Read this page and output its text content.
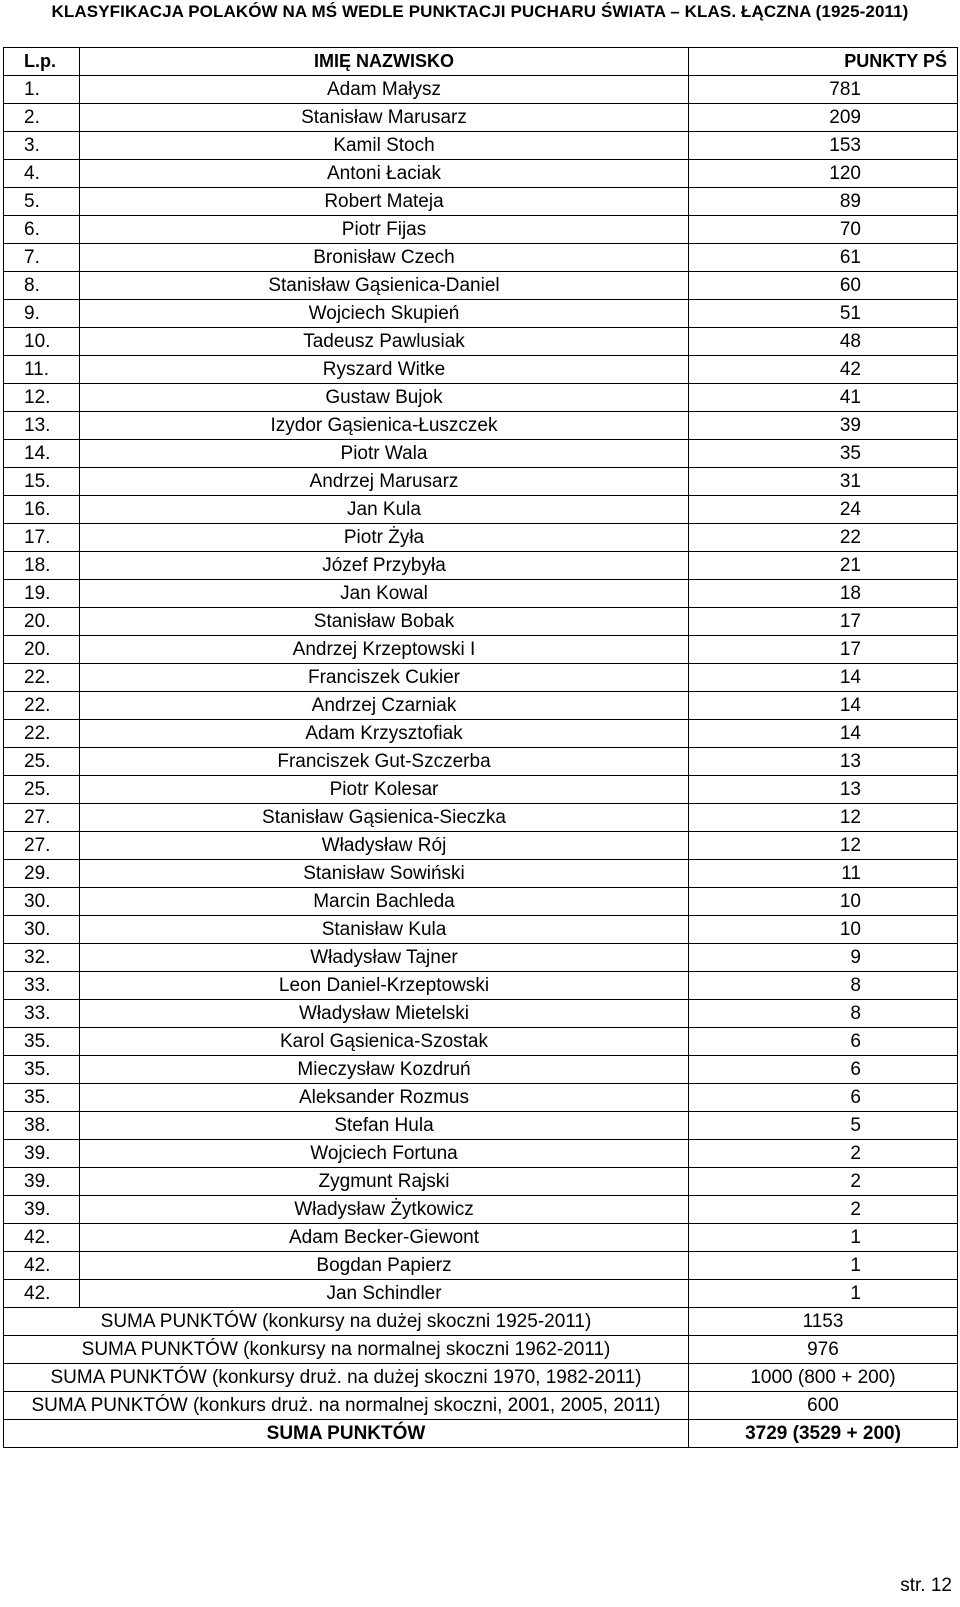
KLASYFIKACJA POLAKÓW NA MŚ WEDLE PUNKTACJI PUCHARU ŚWIATA – KLAS. ŁĄCZNA (1925-2011)
L.p.	IMIĘ NAZWISKO	PUNKTY PŚ
1.	Adam Małysz	781
2.	Stanisław Marusarz	209
3.	Kamil Stoch	153
4.	Antoni Łaciak	120
5.	Robert Mateja	89
6.	Piotr Fijas	70
7.	Bronisław Czech	61
8.	Stanisław Gąsienica-Daniel	60
9.	Wojciech Skupień	51
10.	Tadeusz Pawlusiak	48
11.	Ryszard Witke	42
12.	Gustaw Bujok	41
13.	Izydor Gąsienica-Łuszczek	39
14.	Piotr Wala	35
15.	Andrzej Marusarz	31
16.	Jan Kula	24
17.	Piotr Żyła	22
18.	Józef Przybyła	21
19.	Jan Kowal	18
20.	Stanisław Bobak	17
20.	Andrzej Krzeptowski I	17
22.	Franciszek Cukier	14
22.	Andrzej Czarniak	14
22.	Adam Krzysztofiak	14
25.	Franciszek Gut-Szczerba	13
25.	Piotr Kolesar	13
27.	Stanisław Gąsienica-Sieczka	12
27.	Władysław Rój	12
29.	Stanisław Sowiński	11
30.	Marcin Bachleda	10
30.	Stanisław Kula	10
32.	Władysław Tajner	9
33.	Leon Daniel-Krzeptowski	8
33.	Władysław Mietelski	8
35.	Karol Gąsienica-Szostak	6
35.	Mieczysław Kozdruń	6
35.	Aleksander Rozmus	6
38.	Stefan Hula	5
39.	Wojciech Fortuna	2
39.	Zygmunt Rajski	2
39.	Władysław Żytkowicz	2
42.	Adam Becker-Giewont	1
42.	Bogdan Papierz	1
42.	Jan Schindler	1
SUMA PUNKTÓW (konkursy na dużej skoczni 1925-2011)		1153
SUMA PUNKTÓW (konkursy na normalnej skoczni 1962-2011)		976
SUMA PUNKTÓW (konkursy druż. na dużej skoczni 1970, 1982-2011)		1000 (800 + 200)
SUMA PUNKTÓW (konkurs druż. na normalnej skoczni, 2001, 2005, 2011)		600
SUMA PUNKTÓW		3729 (3529 + 200)
str. 12
